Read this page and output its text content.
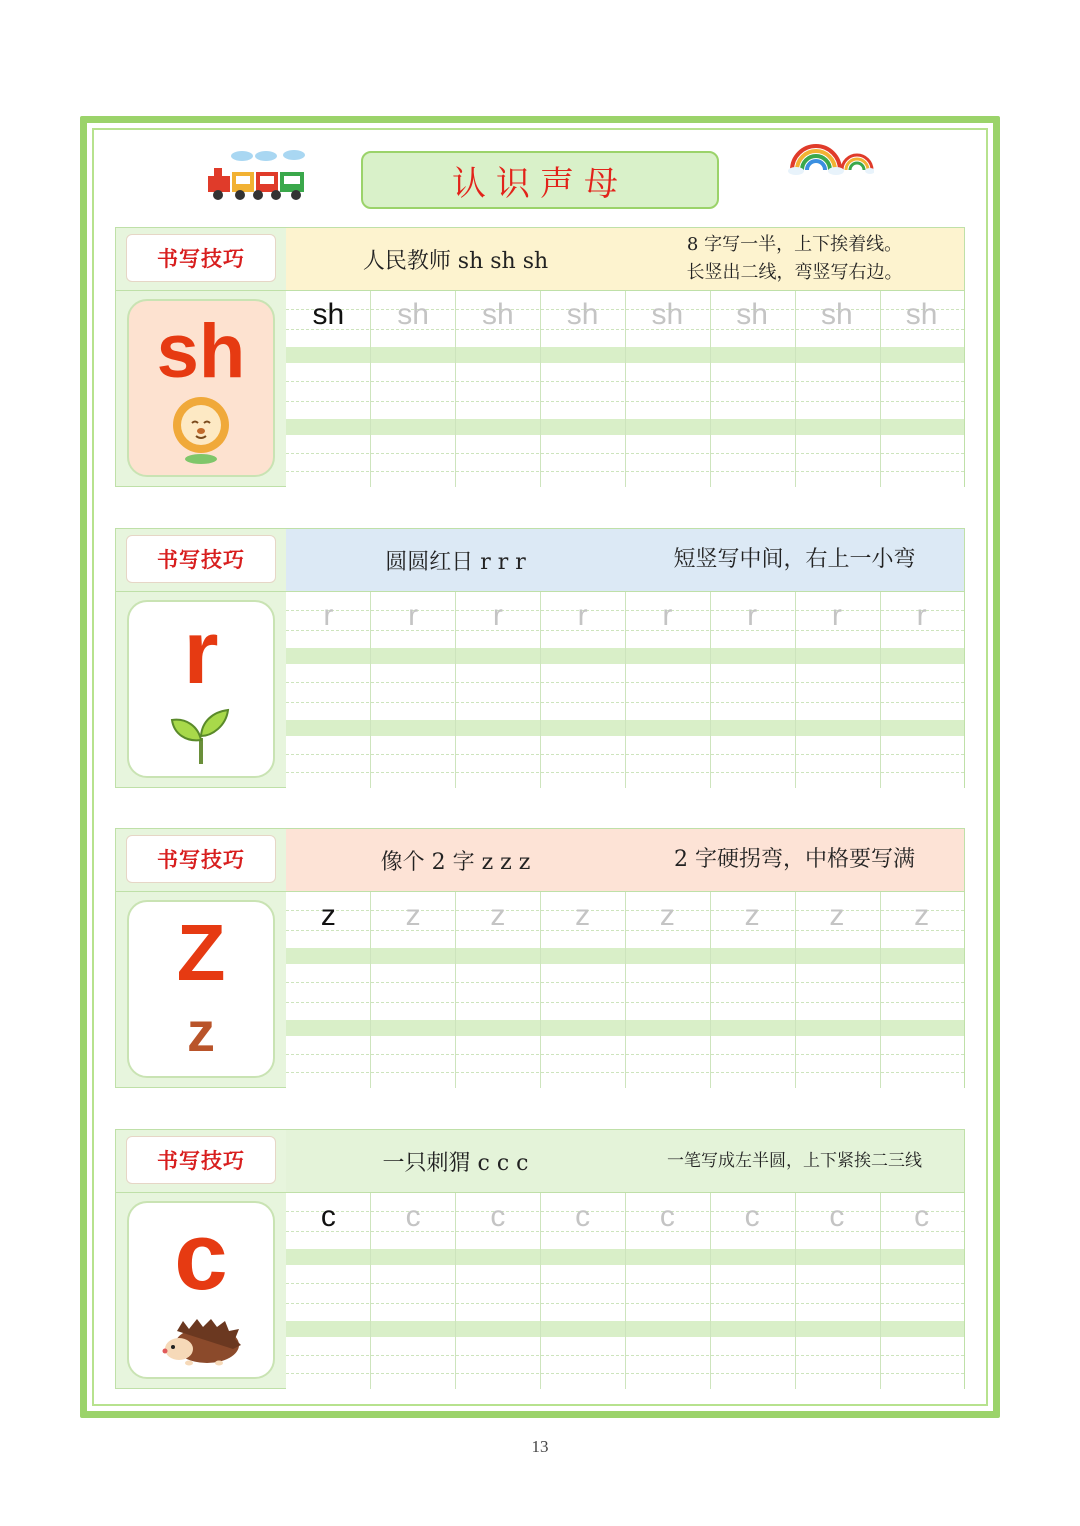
认识声母
书写技巧	人民教师 sh sh sh
8 字写一半，上下挨着线。
长竖出二线，弯竖写右边。
sh	sh	sh	sh	sh	sh	sh	sh	sh
书写技巧	圆圆红日 r r r	短竖写中间，右上一小弯
r	r	r	r	r	r	r	r	r
书写技巧	像个 2 字 z z z	2 字硬拐弯，中格要写满
Z
z
z	z	z	z	z	z	z	z
书写技巧	一只刺猬 c c c	一笔写成左半圆，上下紧挨二三线
c	c	c	c	c	c	c	c	c
13
